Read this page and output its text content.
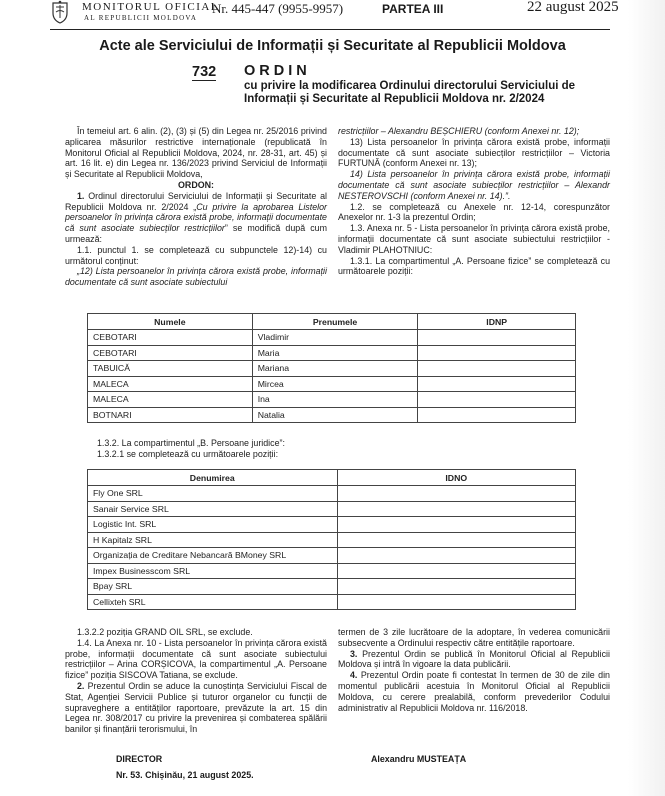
MONITORUL OFICIAL
AL REPUBLICII MOLDOVA
Nr. 445-447 (9955-9957)	PARTEA III	22 august 2025
Acte ale Serviciului de Informații și Securitate al Republicii Moldova
732 ORDIN
cu privire la modificarea Ordinului directorului Serviciului de Informații și Securitate al Republicii Moldova nr. 2/2024

În temeiul art. 6 alin. (2), (3) și (5) din Legea nr. 25/2016 privind aplicarea măsurilor restrictive internaționale (republicată în Monitorul Oficial al Republicii Moldova, 2024, nr. 28-31, art. 45) și art. 16 lit. e) din Legea nr. 136/2023 privind Serviciul de Informații și Securitate al Republicii Moldova,

ORDON:

1. Ordinul directorului Serviciului de Informații și Securitate al Republicii Moldova nr. 2/2024 „Cu privire la aprobarea Listelor persoanelor în privința cărora există probe, informații documentate că sunt asociate subiecților restricțiilor” se modifică după cum urmează:

1.1. punctul 1. se completează cu subpunctele 12)-14) cu următorul conținut:

„12) Lista persoanelor în privința cărora există probe, informații documentate că sunt asociate subiectului

restricțiilor – Alexandru BEȘCHIERU (conform Anexei nr. 12);

13) Lista persoanelor în privința cărora există probe, informații documentate că sunt asociate subiecților restricțiilor – Victoria FURTUNĂ (conform Anexei nr. 13);

14) Lista persoanelor în privința cărora există probe, informații documentate că sunt asociate subiecților restricțiilor – Alexandr NESTEROVSCHI (conform Anexei nr. 14).”.

1.2. se completează cu Anexele nr. 12-14, corespunzător Anexelor nr. 1-3 la prezentul Ordin;

1.3. Anexa nr. 5 - Lista persoanelor în privința cărora există probe, informații documentate că sunt asociate subiectului restricțiilor - Vladimir PLAHOTNIUC:

1.3.1. La compartimentul „A. Persoane fizice” se completează cu următoarele poziții:

Numele	Prenumele	IDNP
CEBOTARI	Vladimir	
CEBOTARI	Maria	
TABUICĂ	Mariana	
MALECA	Mircea	
MALECA	Ina	
BOTNARI	Natalia	

1.3.2. La compartimentul „B. Persoane juridice”:

1.3.2.1 se completează cu următoarele poziții:

Denumirea	IDNO
Fly One SRL	
Sanair Service SRL	
Logistic Int. SRL	
H Kapitalz SRL	
Organizația de Creditare Nebancară BMoney SRL	
Impex Businesscom SRL	
Bpay SRL	
Cellixteh SRL	

1.3.2.2 poziția GRAND OIL SRL, se exclude.

1.4. La Anexa nr. 10 - Lista persoanelor în privința cărora există probe, informații documentate că sunt asociate subiectului restricțiilor – Arina CORȘICOVA, la compartimentul „A. Persoane fizice” poziția SISCOVA Tatiana, se exclude.

2. Prezentul Ordin se aduce la cunoștința Serviciului Fiscal de Stat, Agenției Servicii Publice și tuturor organelor cu funcții de supraveghere a entităților raportoare, prevăzute la art. 15 din Legea nr. 308/2017 cu privire la prevenirea și combaterea spălării banilor și finanțării terorismului, în

termen de 3 zile lucrătoare de la adoptare, în vederea comunicării subsecvente a Ordinului respectiv către entitățile raportoare.

3. Prezentul Ordin se publică în Monitorul Oficial al Republicii Moldova și intră în vigoare la data publicării.

4. Prezentul Ordin poate fi contestat în termen de 30 de zile din momentul publicării acestuia în Monitorul Oficial al Republicii Moldova, cu cerere prealabilă, conform prevederilor Codului administrativ al Republicii Moldova nr. 116/2018.

DIRECTOR	Alexandru MUSTEAȚA
Nr. 53. Chișinău, 21 august 2025.
